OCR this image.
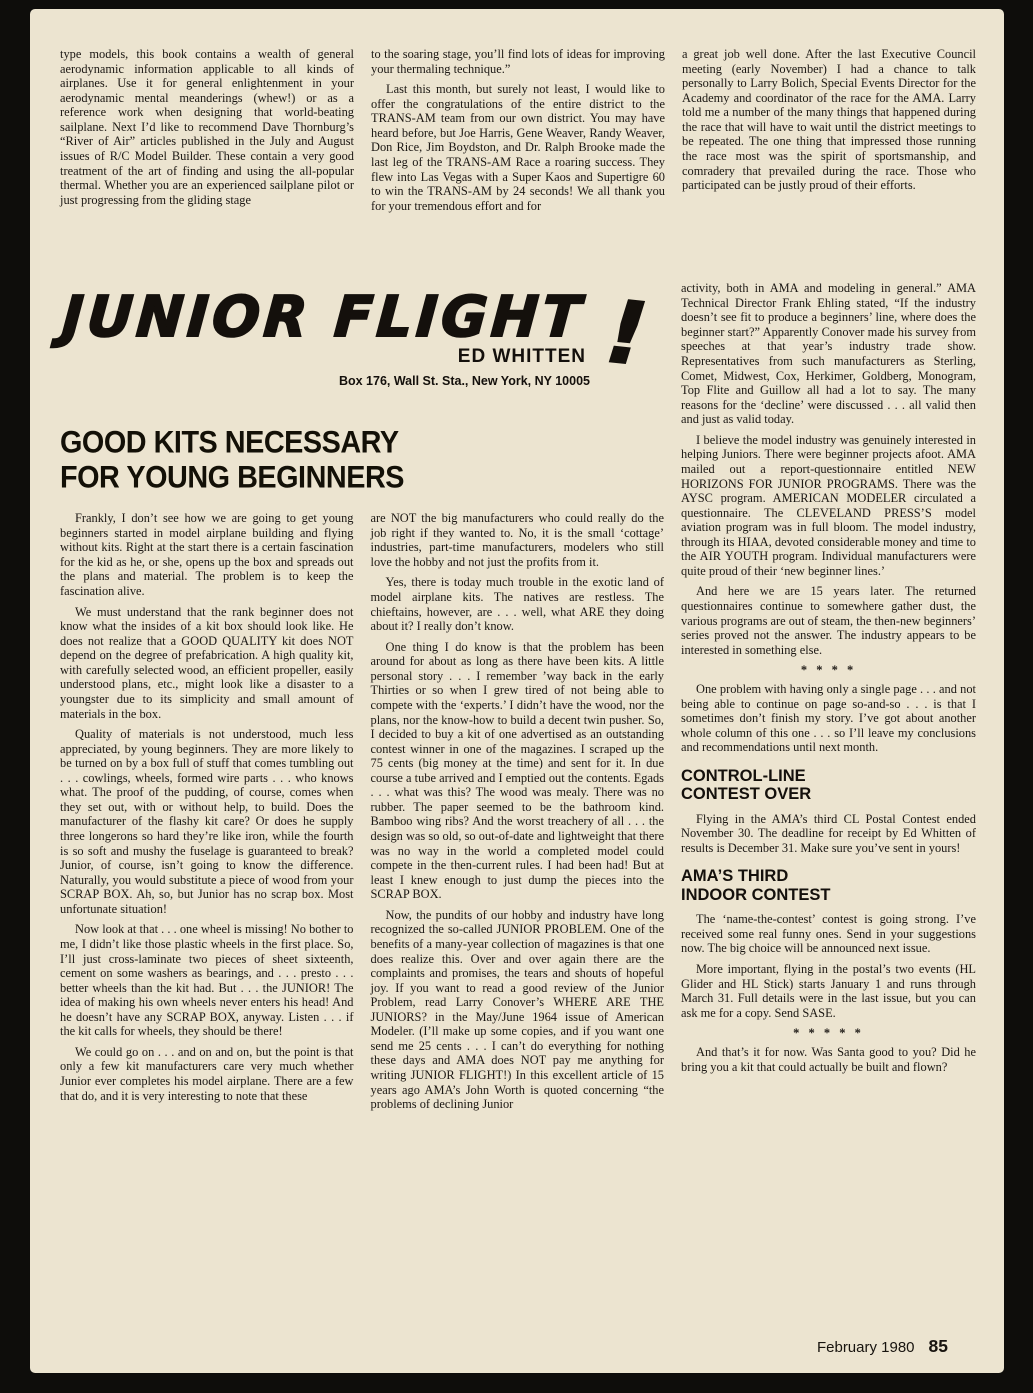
type models, this book contains a wealth of general aerodynamic information applicable to all kinds of airplanes. Use it for general enlightenment in your aerodynamic mental meanderings (whew!) or as a reference work when designing that world-beating sailplane. Next I’d like to recommend Dave Thornburg’s “River of Air” articles published in the July and August issues of R/C Model Builder. These contain a very good treatment of the art of finding and using the all-popular thermal. Whether you are an experienced sailplane pilot or just progressing from the gliding stage

to the soaring stage, you’ll find lots of ideas for improving your thermaling technique.”

Last this month, but surely not least, I would like to offer the congratulations of the entire district to the TRANS-AM team from our own district. You may have heard before, but Joe Harris, Gene Weaver, Randy Weaver, Don Rice, Jim Boydston, and Dr. Ralph Brooke made the last leg of the TRANS-AM Race a roaring success. They flew into Las Vegas with a Super Kaos and Supertigre 60 to win the TRANS-AM by 24 seconds! We all thank you for your tremendous effort and for

a great job well done. After the last Executive Council meeting (early November) I had a chance to talk personally to Larry Bolich, Special Events Director for the Academy and coordinator of the race for the AMA. Larry told me a number of the many things that happened during the race that will have to wait until the district meetings to be repeated. The one thing that impressed those running the race most was the spirit of sportsmanship, and comradery that prevailed during the race. Those who participated can be justly proud of their efforts.

JUNIOR FLIGHT !
ED WHITTEN
Box 176, Wall St. Sta., New York, NY 10005
GOOD KITS NECESSARY
FOR YOUNG BEGINNERS

Frankly, I don’t see how we are going to get young beginners started in model airplane building and flying without kits. Right at the start there is a certain fascination for the kid as he, or she, opens up the box and spreads out the plans and material. The problem is to keep the fascination alive.

We must understand that the rank beginner does not know what the insides of a kit box should look like. He does not realize that a GOOD QUALITY kit does NOT depend on the degree of prefabrication. A high quality kit, with carefully selected wood, an efficient propeller, easily understood plans, etc., might look like a disaster to a youngster due to its simplicity and small amount of materials in the box.

Quality of materials is not understood, much less appreciated, by young beginners. They are more likely to be turned on by a box full of stuff that comes tumbling out . . . cowlings, wheels, formed wire parts . . . who knows what. The proof of the pudding, of course, comes when they set out, with or without help, to build. Does the manufacturer of the flashy kit care? Or does he supply three longerons so hard they’re like iron, while the fourth is so soft and mushy the fuselage is guaranteed to break? Junior, of course, isn’t going to know the difference. Naturally, you would substitute a piece of wood from your SCRAP BOX. Ah, so, but Junior has no scrap box. Most unfortunate situation!

Now look at that . . . one wheel is missing! No bother to me, I didn’t like those plastic wheels in the first place. So, I’ll just cross-laminate two pieces of sheet sixteenth, cement on some washers as bearings, and . . . presto . . . better wheels than the kit had. But . . . the JUNIOR! The idea of making his own wheels never enters his head! And he doesn’t have any SCRAP BOX, anyway. Listen . . . if the kit calls for wheels, they should be there!

We could go on . . . and on and on, but the point is that only a few kit manufacturers care very much whether Junior ever completes his model airplane. There are a few that do, and it is very interesting to note that these

are NOT the big manufacturers who could really do the job right if they wanted to. No, it is the small ‘cottage’ industries, part-time manufacturers, modelers who still love the hobby and not just the profits from it.

Yes, there is today much trouble in the exotic land of model airplane kits. The natives are restless. The chieftains, however, are . . . well, what ARE they doing about it? I really don’t know.

One thing I do know is that the problem has been around for about as long as there have been kits. A little personal story . . . I remember ’way back in the early Thirties or so when I grew tired of not being able to compete with the ‘experts.’ I didn’t have the wood, nor the plans, nor the know-how to build a decent twin pusher. So, I decided to buy a kit of one advertised as an outstanding contest winner in one of the magazines. I scraped up the 75 cents (big money at the time) and sent for it. In due course a tube arrived and I emptied out the contents. Egads . . . what was this? The wood was mealy. There was no rubber. The paper seemed to be the bathroom kind. Bamboo wing ribs? And the worst treachery of all . . . the design was so old, so out-of-date and lightweight that there was no way in the world a completed model could compete in the then-current rules. I had been had! But at least I knew enough to just dump the pieces into the SCRAP BOX.

Now, the pundits of our hobby and industry have long recognized the so-called JUNIOR PROBLEM. One of the benefits of a many-year collection of magazines is that one does realize this. Over and over again there are the complaints and promises, the tears and shouts of hopeful joy. If you want to read a good review of the Junior Problem, read Larry Conover’s WHERE ARE THE JUNIORS? in the May/June 1964 issue of American Modeler. (I’ll make up some copies, and if you want one send me 25 cents . . . I can’t do everything for nothing these days and AMA does NOT pay me anything for writing JUNIOR FLIGHT!) In this excellent article of 15 years ago AMA’s John Worth is quoted concerning “the problems of declining Junior

activity, both in AMA and modeling in general.” AMA Technical Director Frank Ehling stated, “If the industry doesn’t see fit to produce a beginners’ line, where does the beginner start?” Apparently Conover made his survey from speeches at that year’s industry trade show. Representatives from such manufacturers as Sterling, Comet, Midwest, Cox, Herkimer, Goldberg, Monogram, Top Flite and Guillow all had a lot to say. The many reasons for the ‘decline’ were discussed . . . all valid then and just as valid today.

I believe the model industry was genuinely interested in helping Juniors. There were beginner projects afoot. AMA mailed out a report-questionnaire entitled NEW HORIZONS FOR JUNIOR PROGRAMS. There was the AYSC program. AMERICAN MODELER circulated a questionnaire. The CLEVELAND PRESS’S model aviation program was in full bloom. The model industry, through its HIAA, devoted considerable money and time to the AIR YOUTH program. Individual manufacturers were quite proud of their ‘new beginner lines.’

And here we are 15 years later. The returned questionnaires continue to somewhere gather dust, the various programs are out of steam, the then-new beginners’ series proved not the answer. The industry appears to be interested in something else.

* * * *

One problem with having only a single page . . . and not being able to continue on page so-and-so . . . is that I sometimes don’t finish my story. I’ve got about another whole column of this one . . . so I’ll leave my conclusions and recommendations until next month.

CONTROL-LINE
CONTEST OVER

Flying in the AMA’s third CL Postal Contest ended November 30. The deadline for receipt by Ed Whitten of results is December 31. Make sure you’ve sent in yours!

AMA’S THIRD
INDOOR CONTEST

The ‘name-the-contest’ contest is going strong. I’ve received some real funny ones. Send in your suggestions now. The big choice will be announced next issue.

More important, flying in the postal’s two events (HL Glider and HL Stick) starts January 1 and runs through March 31. Full details were in the last issue, but you can ask me for a copy. Send SASE.

* * * * *

And that’s it for now. Was Santa good to you? Did he bring you a kit that could actually be built and flown?

February 1980 85
